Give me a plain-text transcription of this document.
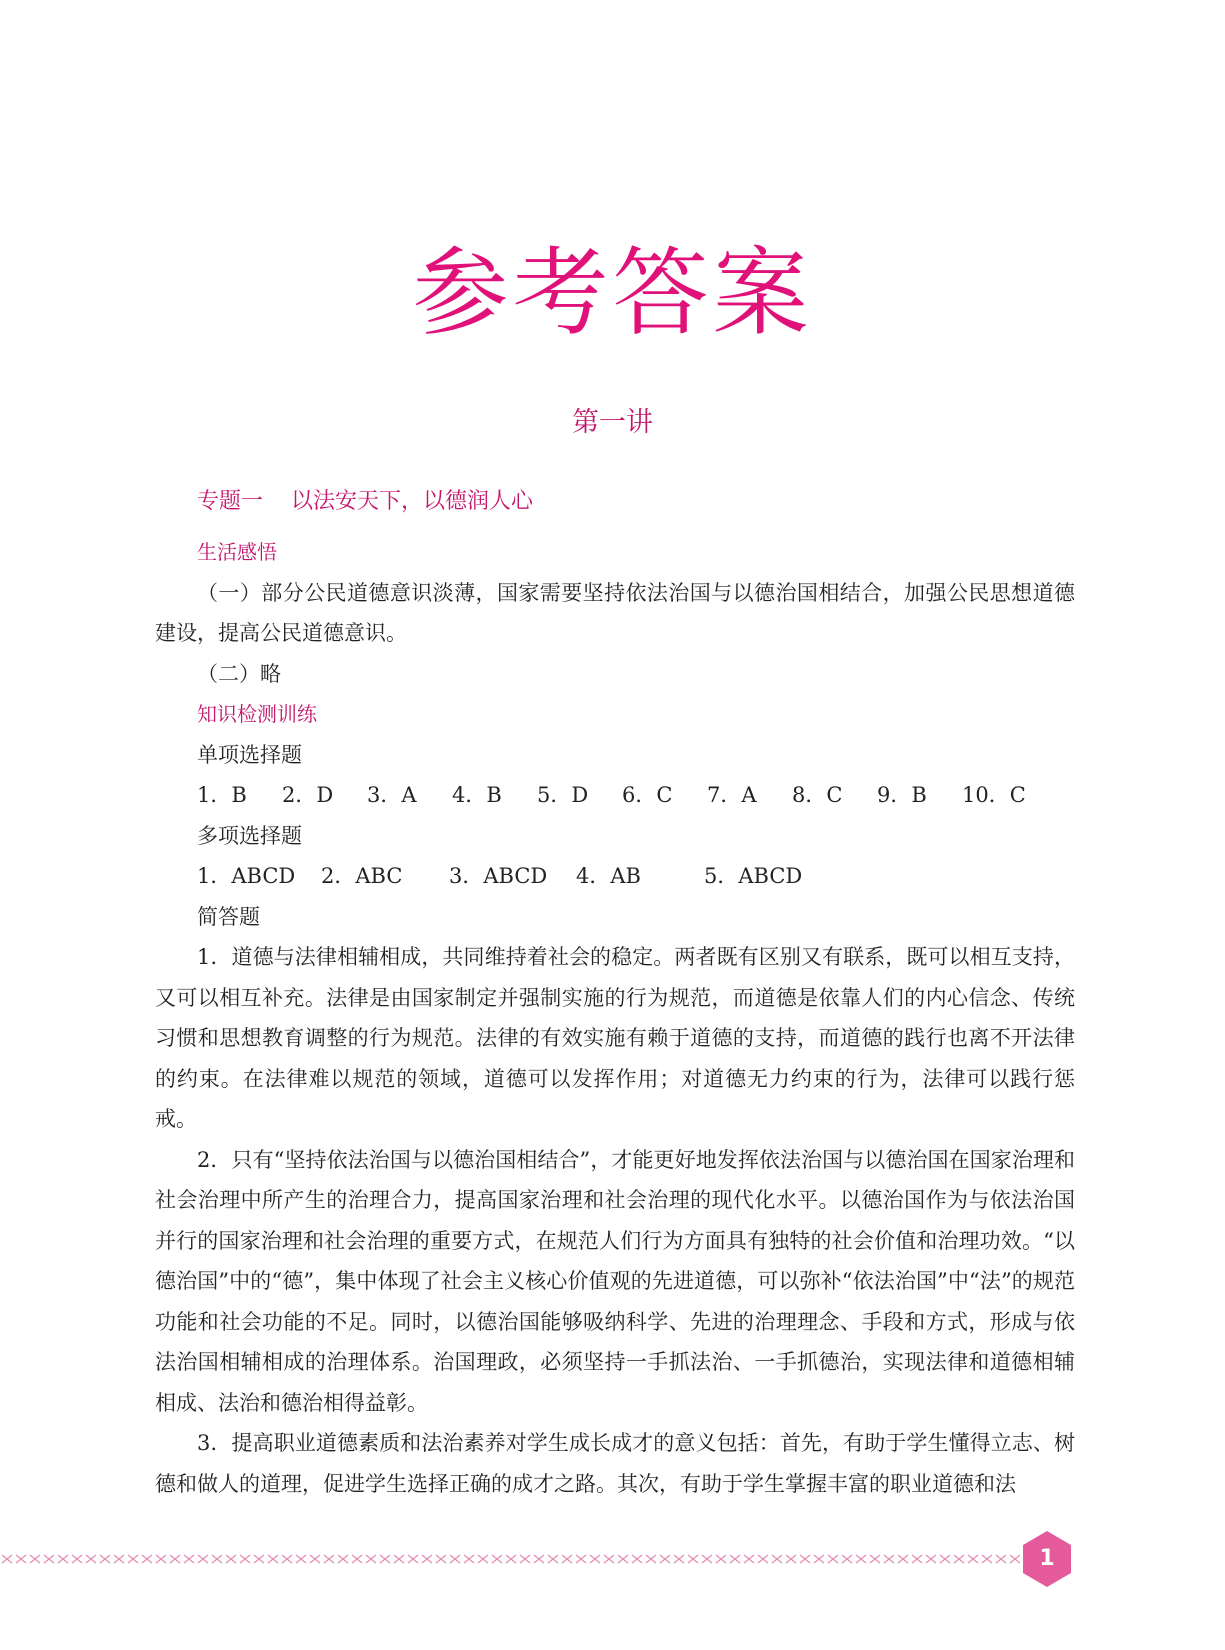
参考答案
第一讲
专题一 以法安天下，以德润人心
生活感悟

（一）部分公民道德意识淡薄，国家需要坚持依法治国与以德治国相结合，加强公民思想道德建设，提高公民道德意识。

（二）略

知识检测训练
单项选择题
1．B	2．D	3．A	4．B	5．D	6．C	7．A	8．C	9．B	10．C
多项选择题
1．ABCD	2．ABC	3．ABCD	4．AB	5．ABCD
简答题

1．道德与法律相辅相成，共同维持着社会的稳定。两者既有区别又有联系，既可以相互支持，又可以相互补充。法律是由国家制定并强制实施的行为规范，而道德是依靠人们的内心信念、传统习惯和思想教育调整的行为规范。法律的有效实施有赖于道德的支持，而道德的践行也离不开法律的约束。在法律难以规范的领域，道德可以发挥作用；对道德无力约束的行为，法律可以践行惩戒。

2．只有“坚持依法治国与以德治国相结合”，才能更好地发挥依法治国与以德治国在国家治理和社会治理中所产生的治理合力，提高国家治理和社会治理的现代化水平。以德治国作为与依法治国并行的国家治理和社会治理的重要方式，在规范人们行为方面具有独特的社会价值和治理功效。“以德治国”中的“德”，集中体现了社会主义核心价值观的先进道德，可以弥补“依法治国”中“法”的规范功能和社会功能的不足。同时，以德治国能够吸纳科学、先进的治理理念、手段和方式，形成与依法治国相辅相成的治理体系。治国理政，必须坚持一手抓法治、一手抓德治，实现法律和道德相辅相成、法治和德治相得益彰。

3．提高职业道德素质和法治素养对学生成长成才的意义包括：首先，有助于学生懂得立志、树德和做人的道理，促进学生选择正确的成才之路。其次，有助于学生掌握丰富的职业道德和法

1
